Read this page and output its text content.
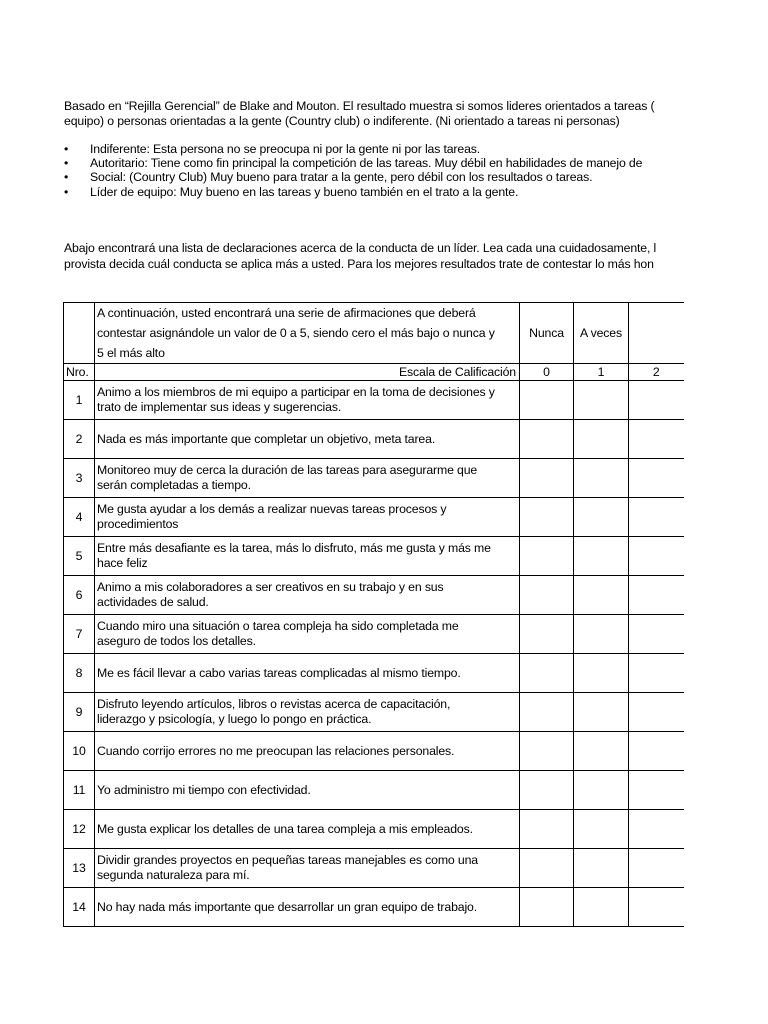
Basado en “Rejilla Gerencial” de Blake and Mouton. El resultado muestra si somos lideres orientados a tareas (
equipo) o personas orientadas a la gente (Country club) o indiferente. (Ni orientado a tareas ni personas)
• Indiferente: Esta persona no se preocupa ni por la gente ni por las tareas.
• Autoritario: Tiene como fin principal la competición de las tareas. Muy débil en habilidades de manejo de
• Social: (Country Club) Muy bueno para tratar a la gente, pero débil con los resultados o tareas.
• Líder de equipo: Muy bueno en las tareas y bueno también en el trato a la gente.
Abajo encontrará una lista de declaraciones acerca de la conducta de un líder. Lea cada una cuidadosamente, l
provista decida cuál conducta se aplica más a usted. Para los mejores resultados trate de contestar lo más hon

	A continuación, usted encontrará una serie de afirmaciones que deberá
contestar asignándole un valor de 0 a 5, siendo cero el más bajo o nunca y
5 el más alto	Nunca	A veces	
Nro.	Escala de Calificación	0	1	2
1	Animo a los miembros de mi equipo a participar en la toma de decisiones y
trato de implementar sus ideas y sugerencias.			

2	Nada es más importante que completar un objetivo, meta tarea.			

3	Monitoreo muy de cerca la duración de las tareas para asegurarme que
serán completadas a tiempo.			

4	Me gusta ayudar a los demás a realizar nuevas tareas procesos y
procedimientos			

5	Entre más desafiante es la tarea, más lo disfruto, más me gusta y más me
hace feliz			

6	Animo a mis colaboradores a ser creativos en su trabajo y en sus
actividades de salud.			

7	Cuando miro una situación o tarea compleja ha sido completada me
aseguro de todos los detalles.			

8	Me es fácil llevar a cabo varias tareas complicadas al mismo tiempo.			

9	Disfruto leyendo artículos, libros o revistas acerca de capacitación,
liderazgo y psicología, y luego lo pongo en práctica.			

10	Cuando corrijo errores no me preocupan las relaciones personales.			

11	Yo administro mi tiempo con efectividad.			

12	Me gusta explicar los detalles de una tarea compleja a mis empleados.			

13	Dividir grandes proyectos en pequeñas tareas manejables es como una
segunda naturaleza para mí.			

14	No hay nada más importante que desarrollar un gran equipo de trabajo.			
